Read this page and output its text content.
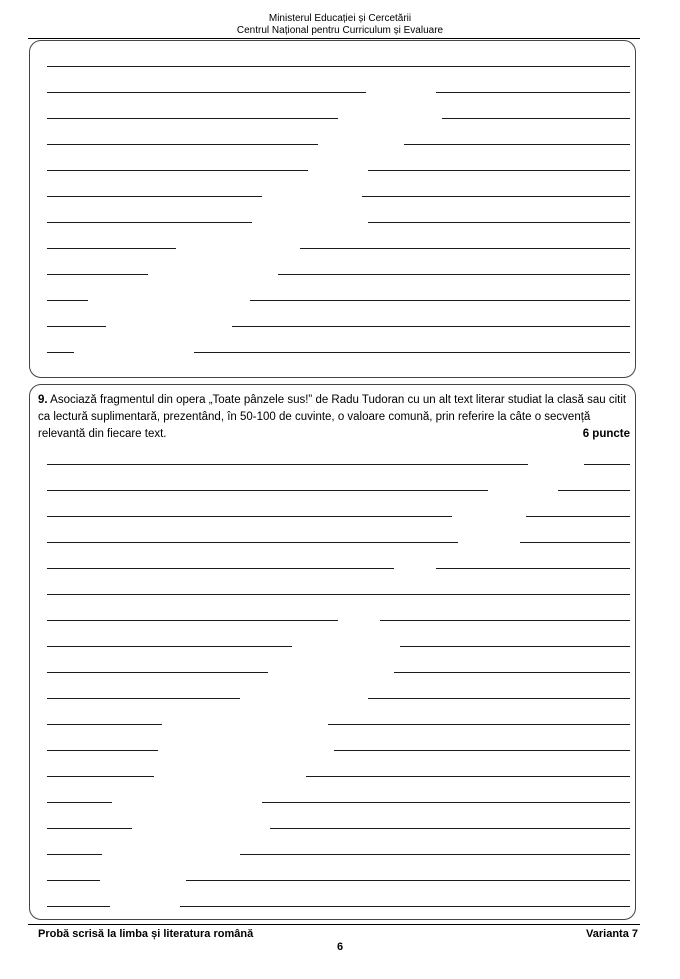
Ministerul Educației și Cercetării
Centrul Național pentru Curriculum și Evaluare
9. Asociază fragmentul din opera „Toate pânzele sus!” de Radu Tudoran cu un alt text literar studiat la clasă sau citit ca lectură suplimentară, prezentând, în 50-100 de cuvinte, o valoare comună, prin referire la câte o secvență relevantă din fiecare text.	6 puncte
Probă scrisă la limba și literatura română	Varianta 7
6
